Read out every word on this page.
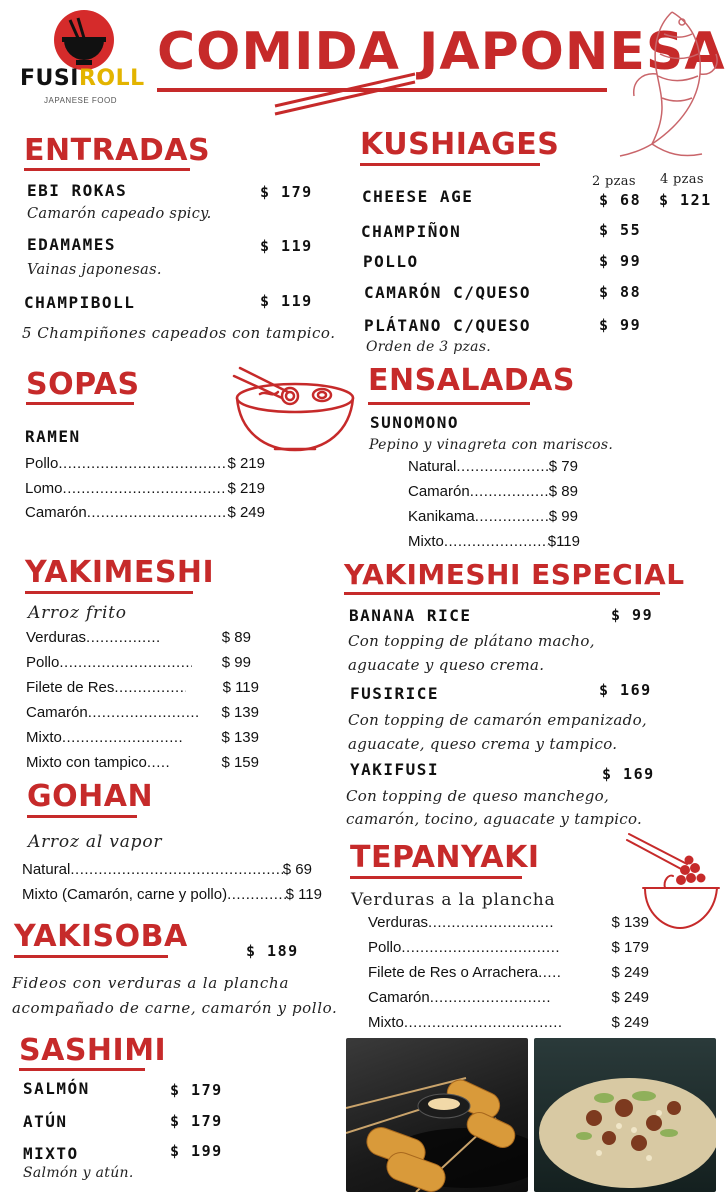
FUSIROLL
JAPANESE FOOD
COMIDA JAPONESA
ENTRADAS
EBI ROKAS	$ 179
Camarón capeado spicy.
EDAMAMES	$ 119
Vainas japonesas.
CHAMPIBOLL	$ 119
5 Champiñones capeados con tampico.
KUSHIAGES
2 pzas 4 pzas
CHEESE AGE	$ 68 $ 121
CHAMPIÑON	$ 55
POLLO	$ 99
CAMARÓN C/QUESO	$ 88
PLÁTANO C/QUESO	$ 99
Orden de 3 pzas.
SOPAS
RAMEN
Pollo .....	$ 219
Lomo .....	$ 219
Camarón .....	$ 249
ENSALADAS
SUNOMONO
Pepino y vinagreta con mariscos.
Natural .....	$ 79
Camarón .....	$ 89
Kanikama .....	$ 99
Mixto .....	$119
YAKIMESHI
Arroz frito
Verduras .....	$ 89
Pollo .....	$ 99
Filete de Res .....	$ 119
Camarón .....	$ 139
Mixto .....	$ 139
Mixto con tampico .....	$ 159
YAKIMESHI ESPECIAL
BANANA RICE	$ 99
Con topping de plátano macho,
aguacate y queso crema.
FUSIRICE	$ 169
Con topping de camarón empanizado,
aguacate, queso crema y tampico.
YAKIFUSI	$ 169
Con topping de queso manchego,
camarón, tocino, aguacate y tampico.
GOHAN
Arroz al vapor
Natural .....	$ 69
Mixto (Camarón, carne y pollo) .....	$ 119
TEPANYAKI
Verduras a la plancha
Verduras .....	$ 139
Pollo .....	$ 179
Filete de Res o Arrachera .....	$ 249
Camarón .....	$ 249
Mixto .....	$ 249
YAKISOBA	$ 189
Fideos con verduras a la plancha
acompañado de carne, camarón y pollo.
SASHIMI
SALMÓN	$ 179
ATÚN	$ 179
MIXTO	$ 199
Salmón y atún.
